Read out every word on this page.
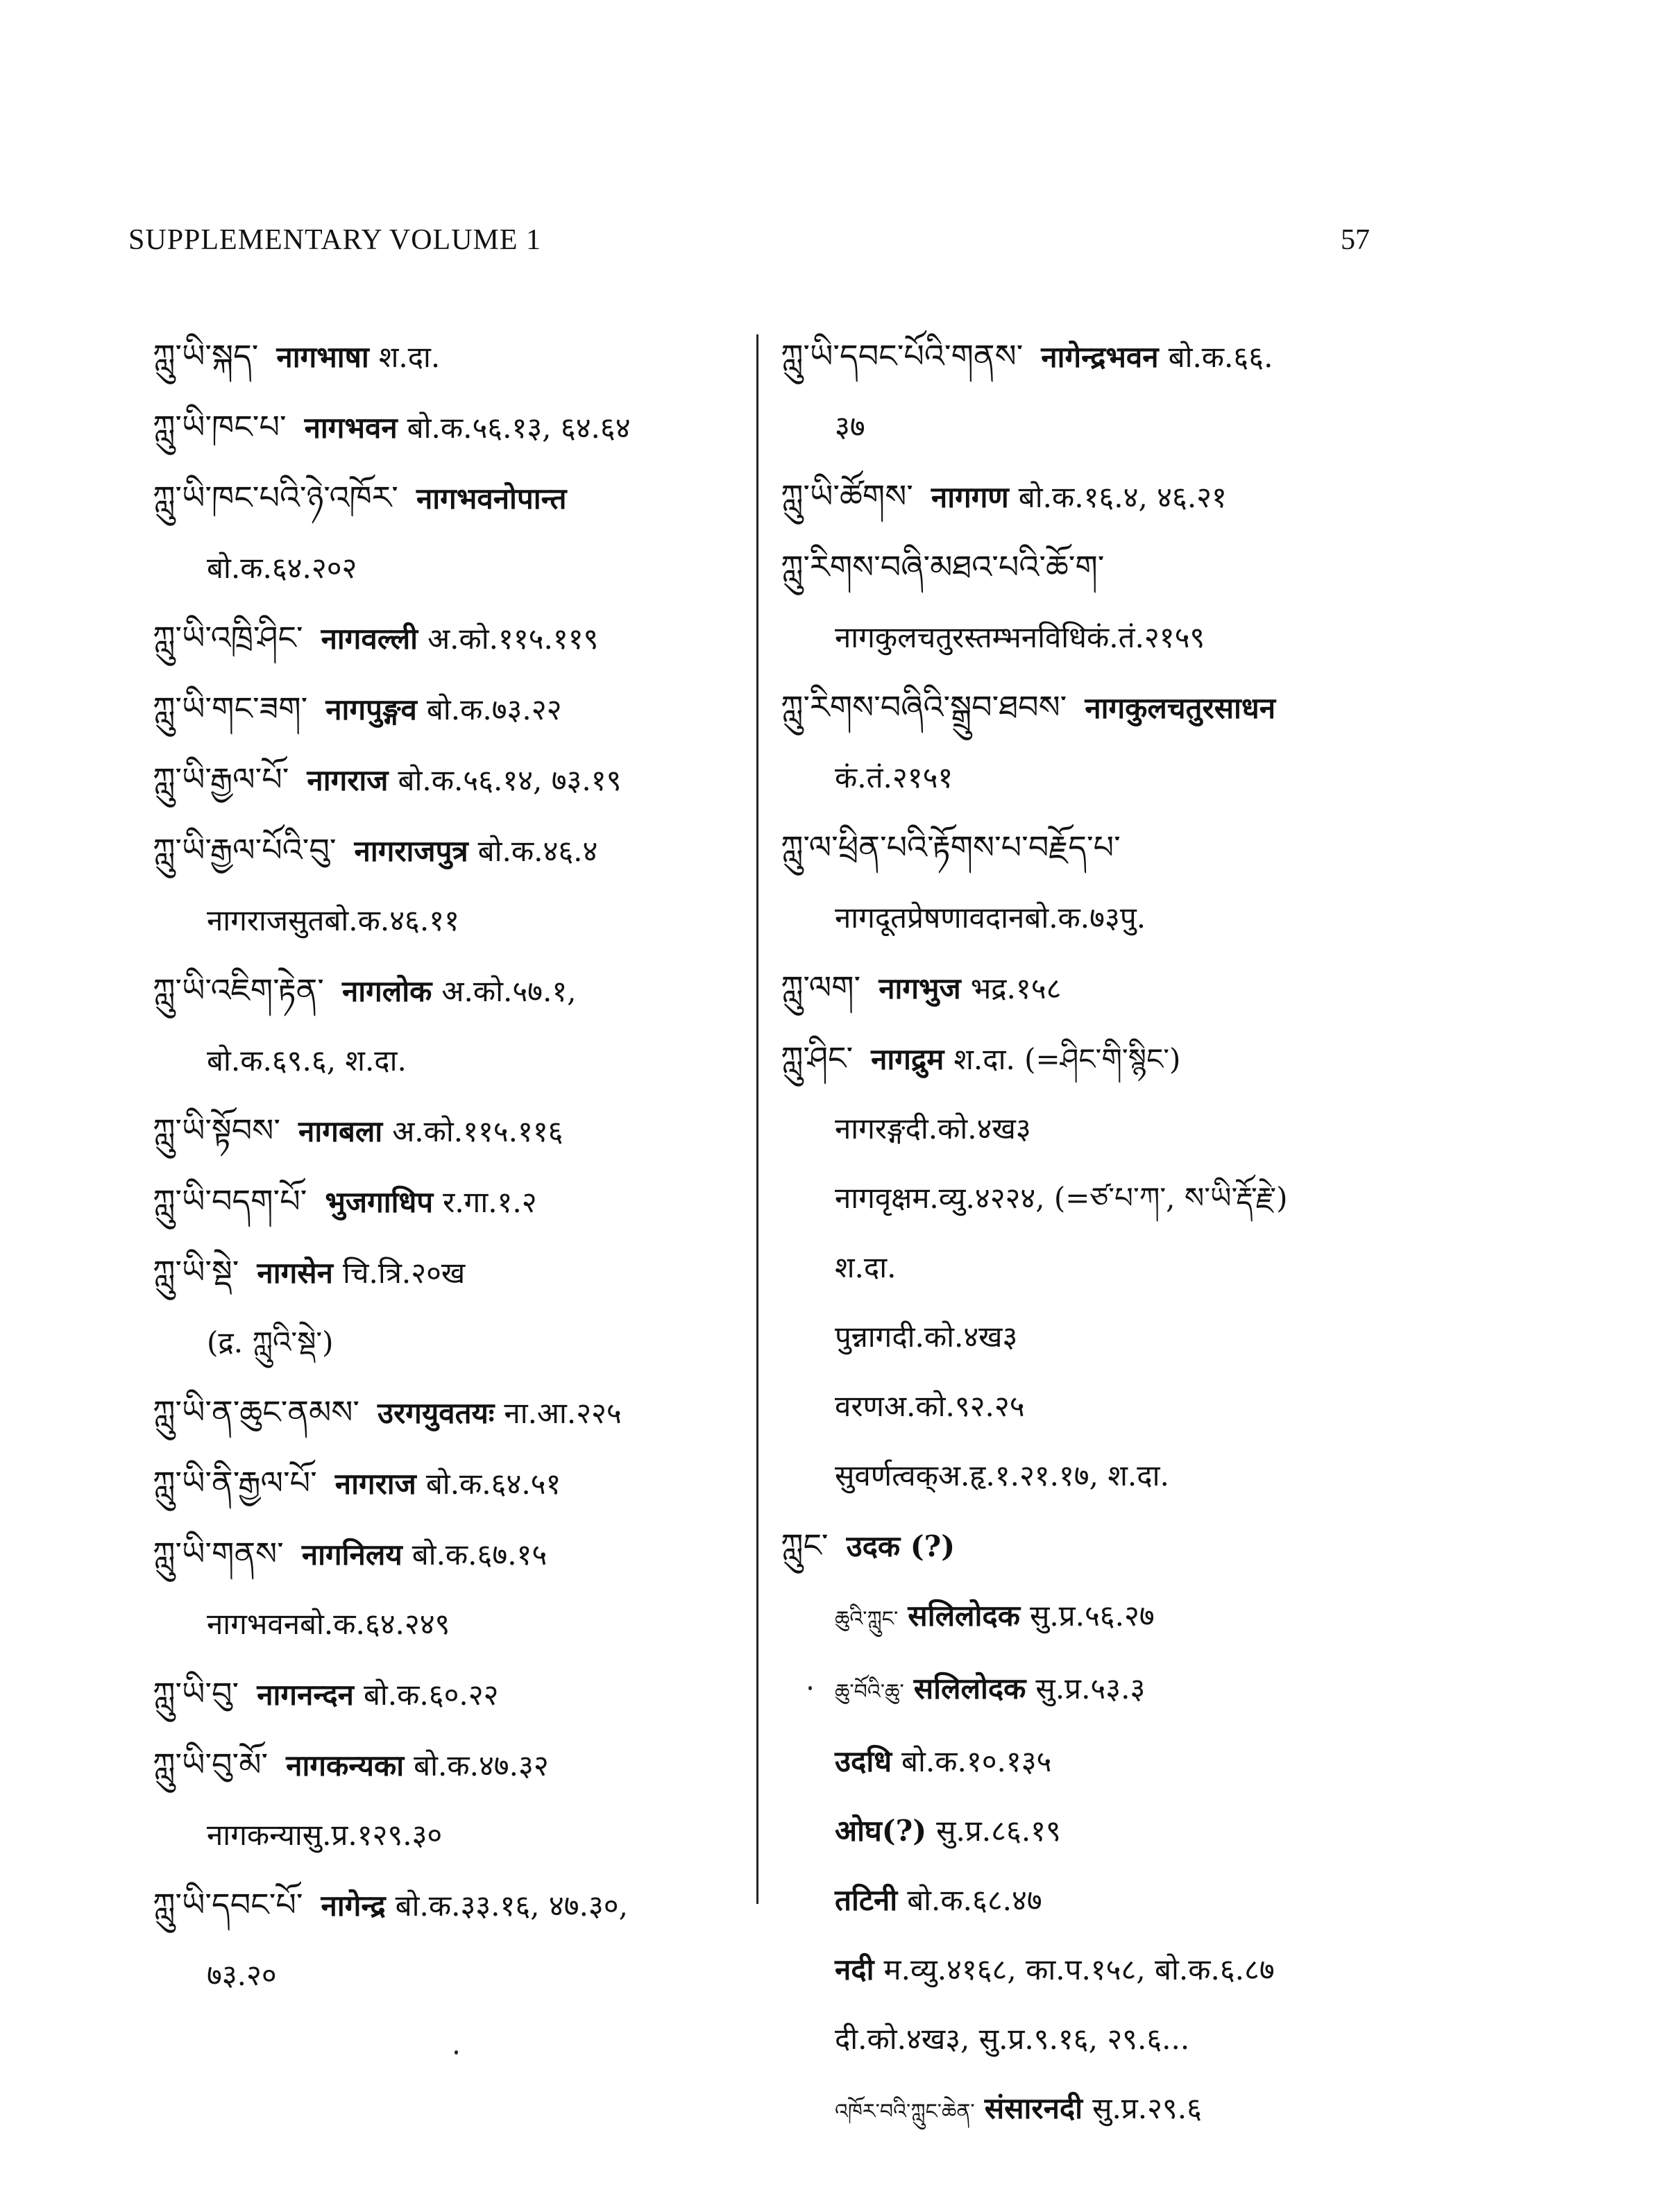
SUPPLEMENTARY VOLUME 1	57
ཀླུ་ཡི་སྐད་ नागभाषा श.दा.
ཀླུ་ཡི་ཁང་པ་ नागभवन बो.क.५६.१३, ६४.६४
ཀླུ་ཡི་ཁང་པའི་ཉེ་འཁོར་ नागभवनोपान्त
बो.क.६४.२०२
ཀླུ་ཡི་འཁྲི་ཤིང་ नागवल्ली अ.को.११५.११९
ཀླུ་ཡི་གང་ཟག་ नागपुङ्गव बो.क.७३.२२
ཀླུ་ཡི་རྒྱལ་པོ་ नागराज बो.क.५६.१४, ७३.१९
ཀླུ་ཡི་རྒྱལ་པོའི་བུ་ नागराजपुत्र बो.क.४६.४
नागराजसुतबो.क.४६.११
ཀླུ་ཡི་འཇིག་རྟེན་ नागलोक अ.को.५७.१,
बो.क.६९.६, श.दा.
ཀླུ་ཡི་སྟོབས་ नागबला अ.को.११५.११६
ཀླུ་ཡི་བདག་པོ་ भुजगाधिप र.गा.१.२
ཀླུ་ཡི་སྡེ་ नागसेन चि.त्रि.२०ख
(द्र. ཀླུའི་སྡེ་)
ཀླུ་ཡི་ན་ཆུང་ནམས་ उरगयुवतयः ना.आ.२२५
ཀླུ་ཡི་ནི་རྒྱལ་པོ་ नागराज बो.क.६४.५१
ཀླུ་ཡི་གནས་ नागनिलय बो.क.६७.१५
नागभवनबो.क.६४.२४९
ཀླུ་ཡི་བུ་ नागनन्दन बो.क.६०.२२
ཀླུ་ཡི་བུ་མོ་ नागकन्यका बो.क.४७.३२
नागकन्यासु.प्र.१२९.३०
ཀླུ་ཡི་དབང་པོ་ नागेन्द्र बो.क.३३.१६, ४७.३०,
७३.२०
ཀླུ་ཡི་དབང་པོའི་གནས་ नागेन्द्रभवन बो.क.६६.
३७
ཀླུ་ཡི་ཚོགས་ नागगण बो.क.१६.४, ४६.२१
ཀླུ་རིགས་བཞི་མཐའ་པའི་ཆོ་ག་
नागकुलचतुरस्तम्भनविधिकं.तं.२१५९
ཀླུ་རིགས་བཞིའི་སྒྲུབ་ཐབས་ नागकुलचतुरसाधन
कं.तं.२१५१
ཀླུ་ལ་ཕྲིན་པའི་རྟོགས་པ་བརྗོད་པ་
नागदूतप्रेषणावदानबो.क.७३पु.
ཀླུ་ལག་ नागभुज भद्र.१५८
ཀླུ་ཤིང་ नागद्रुम श.दा. (=ཤིང་གི་སྙིང་)
नागरङ्गदी.को.४ख३
नागवृक्षम.व्यु.४२२४, (=ཙ་པ་ཀ་, ས་ཡི་རྡོ་རྗེ་)
श.दा.
पुन्नागदी.को.४ख३
वरणअ.को.९२.२५
सुवर्णत्वक्अ.हृ.१.२१.१७, श.दा.
ཀླུང་ उदक (?)
ཆུའི་ཀླུང་ सलिलोदक सु.प्र.५६.२७
ཆུ་བོའི་ཆུ་ सलिलोदक सु.प्र.५३.३
उदधि बो.क.१०.१३५
ओघ(?) सु.प्र.८६.१९
तटिनी बो.क.६८.४७
नदी म.व्यु.४१६८, का.प.१५८, बो.क.६.८७
दी.को.४ख३, सु.प्र.९.१६, २९.६...
འཁོར་བའི་ཀླུང་ཆེན་ संसारनदी सु.प्र.२९.६
